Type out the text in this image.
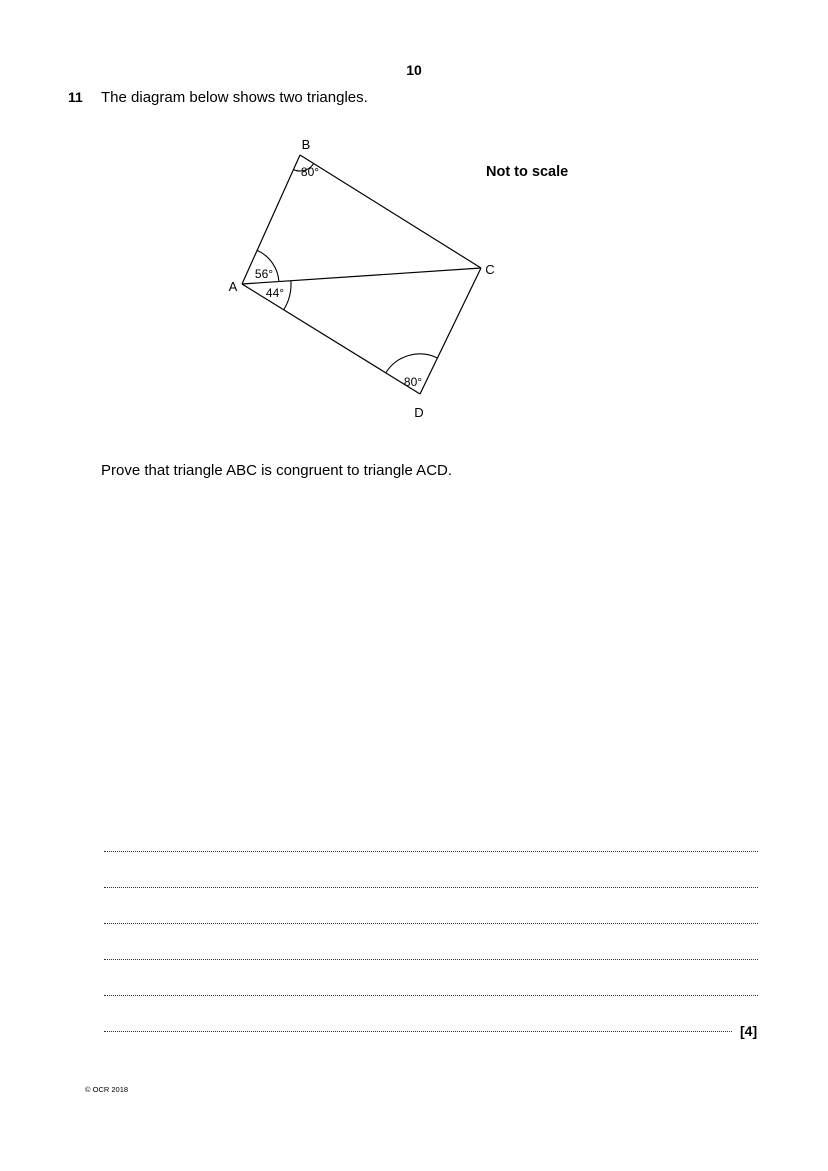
10
11 The diagram below shows two triangles.
B
A
C
D
80°
56°
44°
80°
Not to scale
Prove that triangle ABC is congruent to triangle ACD.
[4]
© OCR 2018
